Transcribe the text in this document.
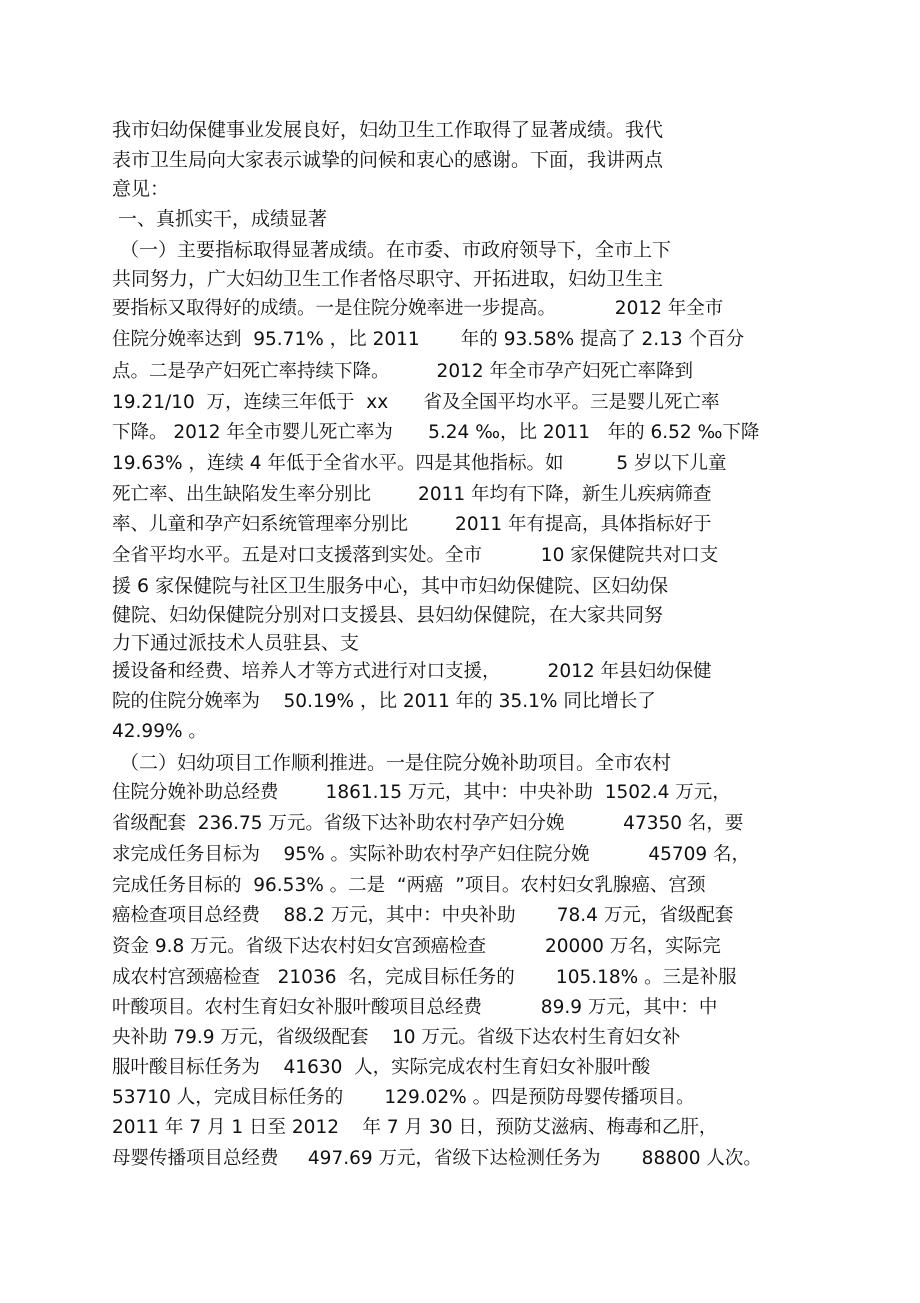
我市妇幼保健事业发展良好，妇幼卫生工作取得了显著成绩。我代
表市卫生局向大家表示诚挚的问候和衷心的感谢。下面，我讲两点
意见：
一、真抓实干，成绩显著
（一）主要指标取得显著成绩。在市委、市政府领导下，全市上下
共同努力，广大妇幼卫生工作者恪尽职守、开拓进取，妇幼卫生主
要指标又取得好的成绩。一是住院分娩率进一步提高。          2012 年全市
住院分娩率达到  95.71% ，比 2011       年的 93.58% 提高了 2.13 个百分
点。二是孕产妇死亡率持续下降。        2012 年全市孕产妇死亡率降到
19.21/10  万，连续三年低于  xx      省及全国平均水平。三是婴儿死亡率
下降。 2012 年全市婴儿死亡率为      5.24 ‰，比 2011   年的 6.52 ‰下降
19.63% ，连续 4 年低于全省水平。四是其他指标。如         5 岁以下儿童
死亡率、出生缺陷发生率分别比        2011 年均有下降，新生儿疾病筛查
率、儿童和孕产妇系统管理率分别比        2011 年有提高，具体指标好于
全省平均水平。五是对口支援落到实处。全市          10 家保健院共对口支
援 6 家保健院与社区卫生服务中心，其中市妇幼保健院、区妇幼保
健院、妇幼保健院分别对口支援县、县妇幼保健院，在大家共同努
力下通过派技术人员驻县、支
援设备和经费、培养人才等方式进行对口支援，        2012 年县妇幼保健
院的住院分娩率为    50.19% ，比 2011 年的 35.1% 同比增长了
42.99% 。
（二）妇幼项目工作顺利推进。一是住院分娩补助项目。全市农村
住院分娩补助总经费        1861.15 万元，其中：中央补助  1502.4 万元，
省级配套  236.75 万元。省级下达补助农村孕产妇分娩          47350 名，要
求完成任务目标为    95% 。实际补助农村孕产妇住院分娩          45709 名，
完成任务目标的  96.53% 。二是  “两癌  ”项目。农村妇女乳腺癌、宫颈
癌检查项目总经费    88.2 万元，其中：中央补助       78.4 万元，省级配套
资金 9.8 万元。省级下达农村妇女宫颈癌检查          20000 万名，实际完
成农村宫颈癌检查   21036  名，完成目标任务的       105.18% 。三是补服
叶酸项目。农村生育妇女补服叶酸项目总经费          89.9 万元，其中：中
央补助 79.9 万元，省级级配套    10 万元。省级下达农村生育妇女补
服叶酸目标任务为    41630  人，实际完成农村生育妇女补服叶酸
53710 人，完成目标任务的       129.02% 。四是预防母婴传播项目。
2011 年 7 月 1 日至 2012    年 7 月 30 日，预防艾滋病、梅毒和乙肝，
母婴传播项目总经费     497.69 万元，省级下达检测任务为       88800 人次。
